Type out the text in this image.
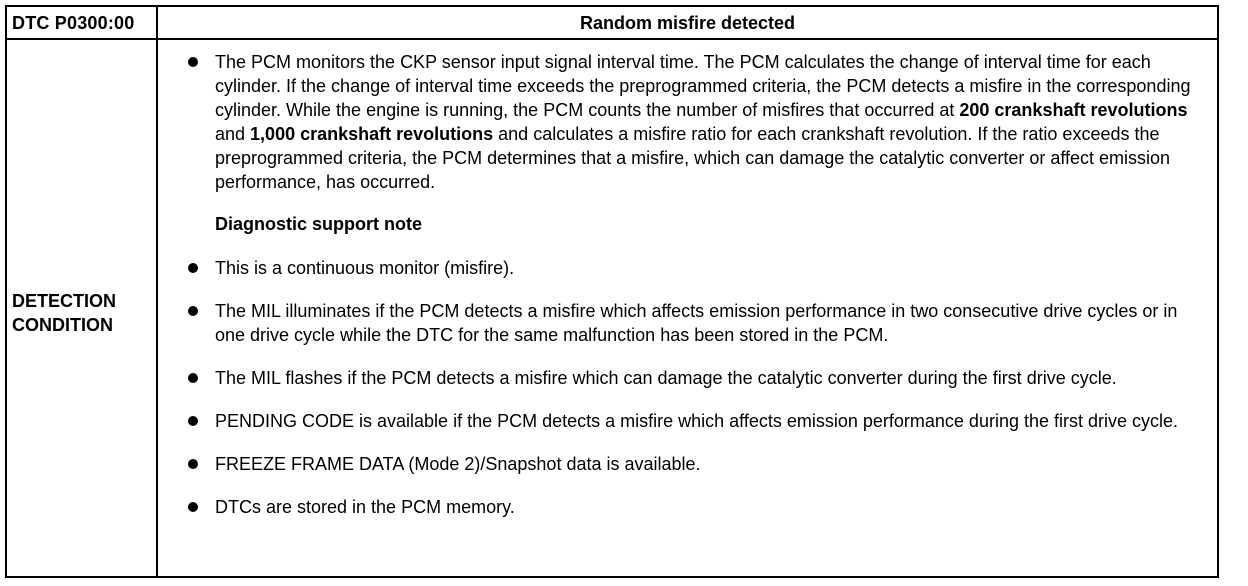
DTC P0300:00	Random misfire detected
DETECTION
CONDITION

The PCM monitors the CKP sensor input signal interval time. The PCM calculates the change of interval time for each cylinder. If the change of interval time exceeds the preprogrammed criteria, the PCM detects a misfire in the corresponding cylinder. While the engine is running, the PCM counts the number of misfires that occurred at 200 crankshaft revolutions and 1,000 crankshaft revolutions and calculates a misfire ratio for each crankshaft revolution. If the ratio exceeds the preprogrammed criteria, the PCM determines that a misfire, which can damage the catalytic converter or affect emission performance, has occurred.

Diagnostic support note

This is a continuous monitor (misfire).

The MIL illuminates if the PCM detects a misfire which affects emission performance in two consecutive drive cycles or in one drive cycle while the DTC for the same malfunction has been stored in the PCM.

The MIL flashes if the PCM detects a misfire which can damage the catalytic converter during the first drive cycle.

PENDING CODE is available if the PCM detects a misfire which affects emission performance during the first drive cycle.

FREEZE FRAME DATA (Mode 2)/Snapshot data is available.

DTCs are stored in the PCM memory.
